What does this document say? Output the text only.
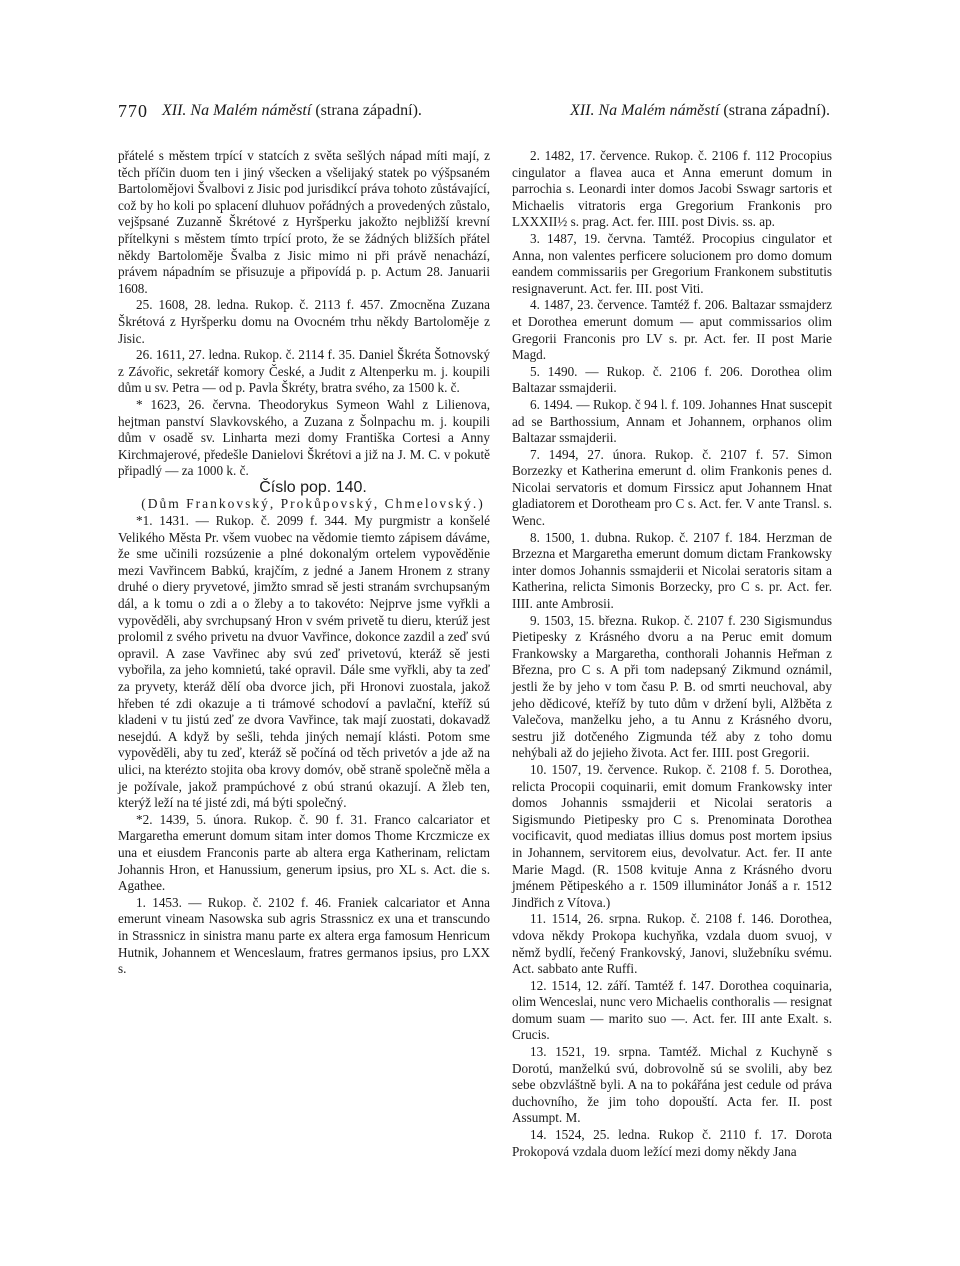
770 XII. Na Malém náměstí (strana západní).	XII. Na Malém náměstí (strana západní).

přátelé s městem trpící v statcích z světa sešlých nápad míti mají, z těch příčin duom ten i jiný všecken a všelijaký statek po výšpsaném Bartolomějovi Švalbovi z Jisic pod jurisdikcí práva tohoto zůstávající, což by ho koli po splacení dluhuov pořádných a provedených zůstalo, vejšpsané Zuzanně Škrétové z Hyršperku jakožto nejbližší krevní přítelkyni s městem tímto trpící proto, že se žádných bližších přátel někdy Bartoloměje Švalba z Jisic mimo ni při právě nenachází, právem nápadním se přisuzuje a připovídá p. p. Actum 28. Januarii 1608.

25. 1608, 28. ledna. Rukop. č. 2113 f. 457. Zmocněna Zuzana Škrétová z Hyršperku domu na Ovocném trhu někdy Bartoloměje z Jisic.

26. 1611, 27. ledna. Rukop. č. 2114 f. 35. Daniel Škréta Šotnovský z Závořic, sekretář komory České, a Judit z Altenperku m. j. koupili dům u sv. Petra — od p. Pavla Škréty, bratra svého, za 1500 k. č.

* 1623, 26. června. Theodorykus Symeon Wahl z Lilienova, hejtman panství Slavkovského, a Zuzana z Šolnpachu m. j. koupili dům v osadě sv. Linharta mezi domy Františka Cortesi a Anny Kirchmajerové, předešle Danielovi Škrétovi a již na J. M. C. v pokutě připadlý — za 1000 k. č.

Číslo pop. 140.

(Dům Frankovský, Prokůpovský, Chmelovský.)

*1. 1431. — Rukop. č. 2099 f. 344. My purgmistr a konšelé Velikého Města Pr. všem vuobec na vědomie tiemto zápisem dáváme, že sme učinili rozsúzenie a plné dokonalým ortelem vypověděnie mezi Vavřincem Babkú, krajčím, z jedné a Janem Hronem z strany druhé o diery pryvetové, jimžto smrad sě jesti stranám svrchupsaným dál, a k tomu o zdi a o žleby a to takovéto: Nejprve jsme vyřkli a vypověděli, aby svrchupsaný Hron v svém privetě tu dieru, kterúž jest prolomil z svého privetu na dvuor Vavřince, dokonce zazdil a zeď svú opravil. A zase Vavřinec aby svú zeď privetovú, kteráž sě jesti vybořila, za jeho komnietú, také opravil. Dále sme vyřkli, aby ta zeď za pryvety, kteráž dělí oba dvorce jich, při Hronovi zuostala, jakož hřeben té zdi okazuje a ti trámové schodoví a pavlační, kteříž sú kladeni v tu jistú zeď ze dvora Vavřince, tak mají zuostati, dokavadž nesejdú. A když by sešli, tehda jiných nemají klásti. Potom sme vypověděli, aby tu zeď, kteráž sě počíná od těch privetóv a jde až na ulici, na kterézto stojita oba krovy domóv, obě straně společně měla a je požívale, jakož prampúchové z obú stranú okazují. A žleb ten, kterýž leží na té jisté zdi, má býti společný.

*2. 1439, 5. února. Rukop. č. 90 f. 31. Franco calcariator et Margaretha emerunt domum sitam inter domos Thome Krczmicze ex una et eiusdem Franconis parte ab altera erga Katherinam, relictam Johannis Hron, et Hanussium, generum ipsius, pro XL s. Act. die s. Agathee.

1. 1453. — Rukop. č. 2102 f. 46. Franiek calcariator et Anna emerunt vineam Nasowska sub agris Strassnicz ex una et transcundo in Strassnicz in sinistra manu parte ex altera erga famosum Henricum Hutnik, Johannem et Wenceslaum, fratres germanos ipsius, pro LXX s.

2. 1482, 17. července. Rukop. č. 2106 f. 112 Procopius cingulator a flavea auca et Anna emerunt domum in parrochia s. Leonardi inter domos Jacobi Sswagr sartoris et Michaelis vitratoris erga Gregorium Frankonis pro LXXXII½ s. prag. Act. fer. IIII. post Divis. ss. ap.

3. 1487, 19. června. Tamtéž. Procopius cingulator et Anna, non valentes perficere solucionem pro domo domum eandem commissariis per Gregorium Frankonem substitutis resignaverunt. Act. fer. III. post Viti.

4. 1487, 23. července. Tamtéž f. 206. Baltazar ssmajderz et Dorothea emerunt domum — aput commissarios olim Gregorii Franconis pro LV s. pr. Act. fer. II post Marie Magd.

5. 1490. — Rukop. č. 2106 f. 206. Dorothea olim Baltazar ssmajderii.

6. 1494. — Rukop. č 94 l. f. 109. Johannes Hnat suscepit ad se Barthossium, Annam et Johannem, orphanos olim Baltazar ssmajderii.

7. 1494, 27. února. Rukop. č. 2107 f. 57. Simon Borzezky et Katherina emerunt d. olim Frankonis penes d. Nicolai servatoris et domum Firssicz aput Johannem Hnat gladiatorem et Dorotheam pro C s. Act. fer. V ante Transl. s. Wenc.

8. 1500, 1. dubna. Rukop. č. 2107 f. 184. Herzman de Brzezna et Margaretha emerunt domum dictam Frankowsky inter domos Johannis ssmajderii et Nicolai seratoris sitam a Katherina, relicta Simonis Borzecky, pro C s. pr. Act. fer. IIII. ante Ambrosii.

9. 1503, 15. března. Rukop. č. 2107 f. 230 Sigismundus Pietipesky z Krásného dvoru a na Peruc emit domum Frankowsky a Margaretha, conthorali Johannis Heřman z Března, pro C s. A při tom nadepsaný Zikmund oznámil, jestli že by jeho v tom času P. B. od smrti neuchoval, aby jeho dědicové, kteříž by tuto dům v držení byli, Alžběta z Valečova, manželku jeho, a tu Annu z Krásného dvoru, sestru již dotčeného Zigmunda též aby z toho domu nehýbali až do jejieho života. Act fer. IIII. post Gregorii.

10. 1507, 19. července. Rukop. č. 2108 f. 5. Dorothea, relicta Procopii coquinarii, emit domum Frankowsky inter domos Johannis ssmajderii et Nicolai seratoris a Sigismundo Pietipesky pro C s. Prenominata Dorothea vocificavit, quod mediatas illius domus post mortem ipsius in Johannem, servitorem eius, devolvatur. Act. fer. II ante Marie Magd. (R. 1508 kvituje Anna z Krásného dvoru jménem Pětipeského a r. 1509 illuminátor Jonáš a r. 1512 Jindřich z Vítova.)

11. 1514, 26. srpna. Rukop. č. 2108 f. 146. Dorothea, vdova někdy Prokopa kuchyňka, vzdala duom svuoj, v němž bydlí, řečený Frankovský, Janovi, služebníku svému. Act. sabbato ante Ruffi.

12. 1514, 12. září. Tamtéž f. 147. Dorothea coquinaria, olim Wenceslai, nunc vero Michaelis conthoralis — resignat domum suam — marito suo —. Act. fer. III ante Exalt. s. Crucis.

13. 1521, 19. srpna. Tamtéž. Michal z Kuchyně s Dorotú, manželkú svú, dobrovolně sú se svolili, aby bez sebe obzvláštně byli. A na to pokářána jest cedule od práva duchovního, že jim toho dopouští. Acta fer. II. post Assumpt. M.

14. 1524, 25. ledna. Rukop č. 2110 f. 17. Dorota Prokopová vzdala duom ležící mezi domy někdy Jana
